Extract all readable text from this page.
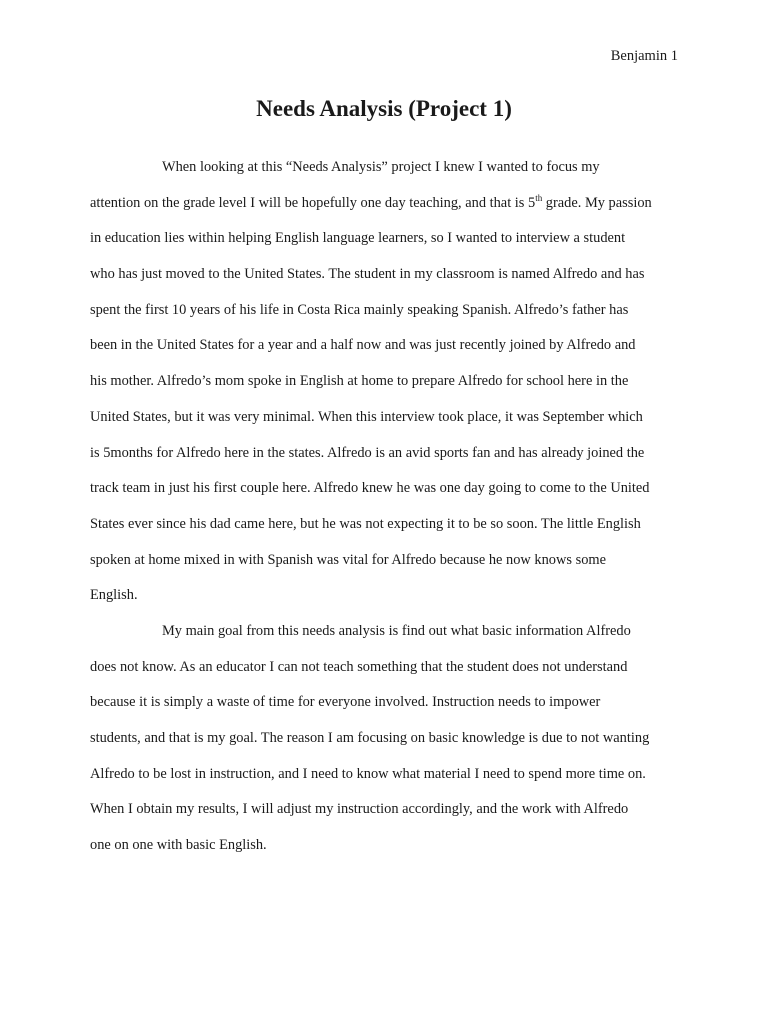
Benjamin 1
Needs Analysis (Project 1)
When looking at this “Needs Analysis” project I knew I wanted to focus my
attention on the grade level I will be hopefully one day teaching, and that is 5th grade. My passion
in education lies within helping English language learners, so I wanted to interview a student
who has just moved to the United States. The student in my classroom is named Alfredo and has
spent the first 10 years of his life in Costa Rica mainly speaking Spanish. Alfredo’s father has
been in the United States for a year and a half now and was just recently joined by Alfredo and
his mother. Alfredo’s mom spoke in English at home to prepare Alfredo for school here in the
United States, but it was very minimal. When this interview took place, it was September which
is 5months for Alfredo here in the states. Alfredo is an avid sports fan and has already joined the
track team in just his first couple here. Alfredo knew he was one day going to come to the United
States ever since his dad came here, but he was not expecting it to be so soon. The little English
spoken at home mixed in with Spanish was vital for Alfredo because he now knows some
English.
My main goal from this needs analysis is find out what basic information Alfredo
does not know. As an educator I can not teach something that the student does not understand
because it is simply a waste of time for everyone involved. Instruction needs to impower
students, and that is my goal. The reason I am focusing on basic knowledge is due to not wanting
Alfredo to be lost in instruction, and I need to know what material I need to spend more time on.
When I obtain my results, I will adjust my instruction accordingly, and the work with Alfredo
one on one with basic English.
